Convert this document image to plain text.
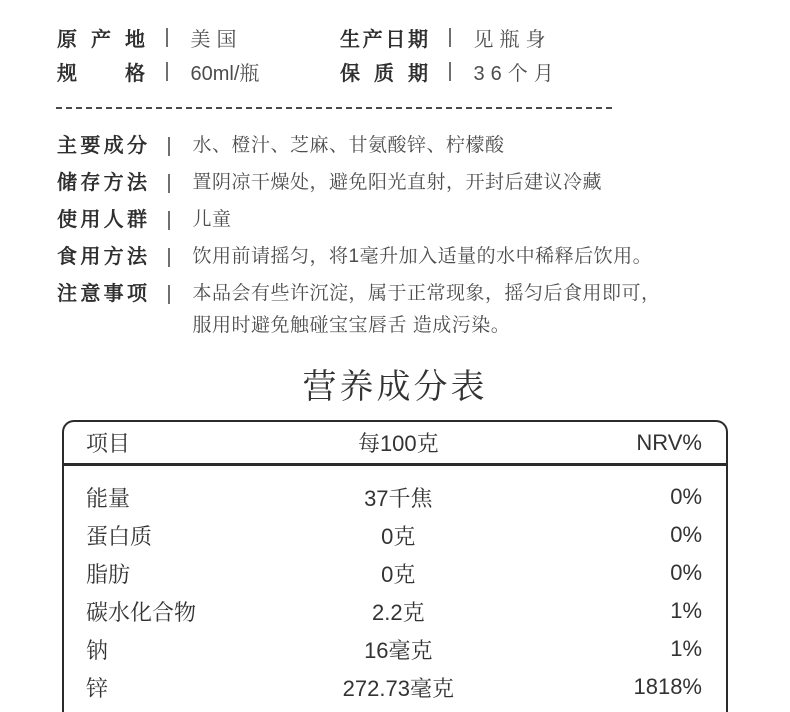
原产地 美国
规格 60ml/瓶
生产日期 见瓶身
保质期 36个月
主要成分 水、橙汁、芝麻、甘氨酸锌、柠檬酸
储存方法 置阴凉干燥处，避免阳光直射，开封后建议冷藏
使用人群 儿童
食用方法 饮用前请摇匀，将1毫升加入适量的水中稀释后饮用。
注意事项 本品会有些许沉淀，属于正常现象，摇匀后食用即可，服用时避免触碰宝宝唇舌 造成污染。
营养成分表
项目	每100克	NRV%
能量	37千焦	0%
蛋白质	0克	0%
脂肪	0克	0%
碳水化合物	2.2克	1%
钠	16毫克	1%
锌	272.73毫克	1818%
